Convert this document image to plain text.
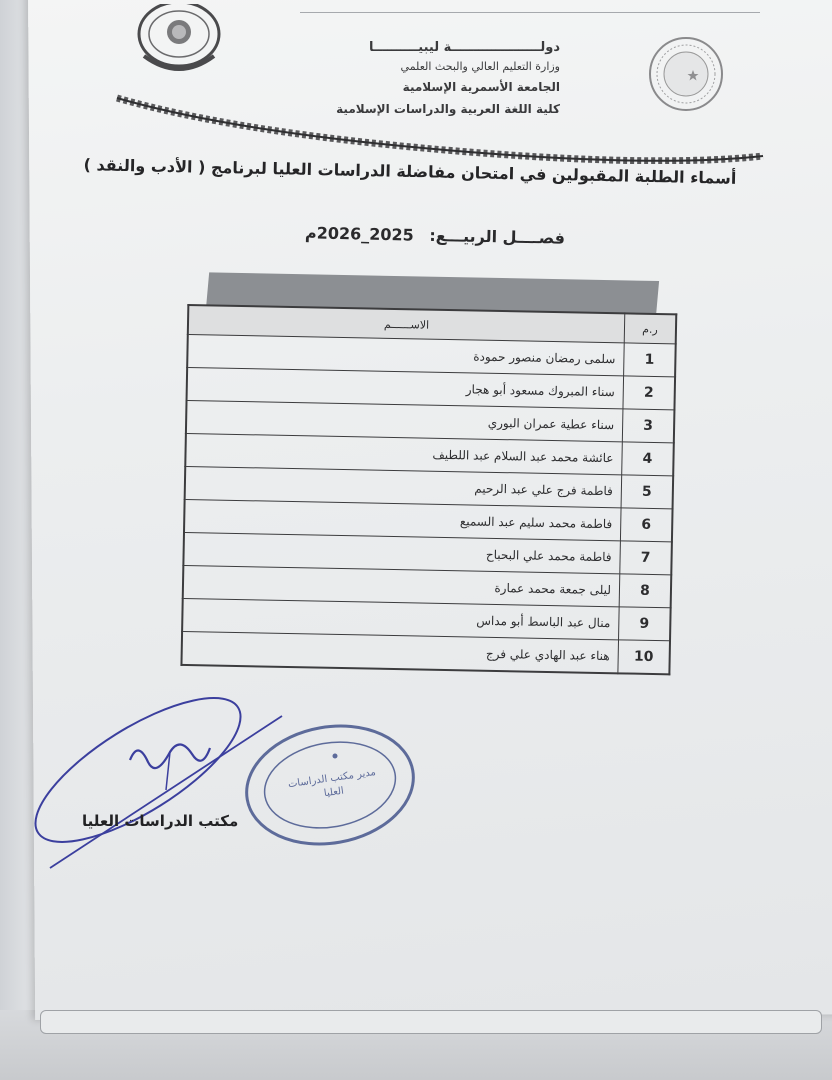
دولــــــــــــــــــــة ليبيــــــــــا
وزارة التعليم العالي والبحث العلمي
الجامعة الأسمرية الإسلامية
كلية اللغة العربية والدراسات الإسلامية
أسماء الطلبة المقبولين في امتحان مفاضلة الدراسات العليا لبرنامج ( الأدب والنقد )
فصــــل الربيـــع: 2025_2026م
ر.م	الاســــــم
1	سلمى رمضان منصور حمودة
2	سناء المبروك مسعود أبو هجار
3	سناء عطية عمران البوري
4	عائشة محمد عبد السلام عبد اللطيف
5	فاطمة فرج علي عبد الرحيم
6	فاطمة محمد سليم عبد السميع
7	فاطمة محمد علي البحباح
8	ليلى جمعة محمد عمارة
9	منال عبد الباسط أبو مداس
10	هناء عبد الهادي علي فرج
مدير مكتب الدراسات العليا
مكتب الدراسات العليا
